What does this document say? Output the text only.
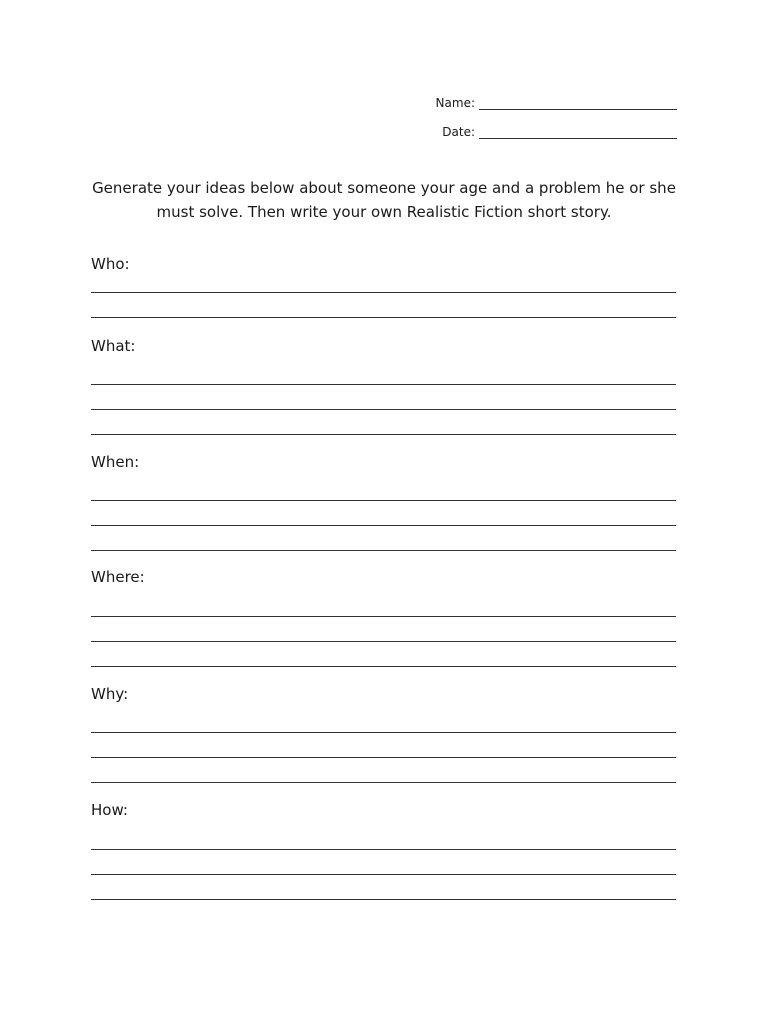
Name:
Date:
Generate your ideas below about someone your age and a problem he or she must solve. Then write your own Realistic Fiction short story.
Who:
What:
When:
Where:
Why:
How:
